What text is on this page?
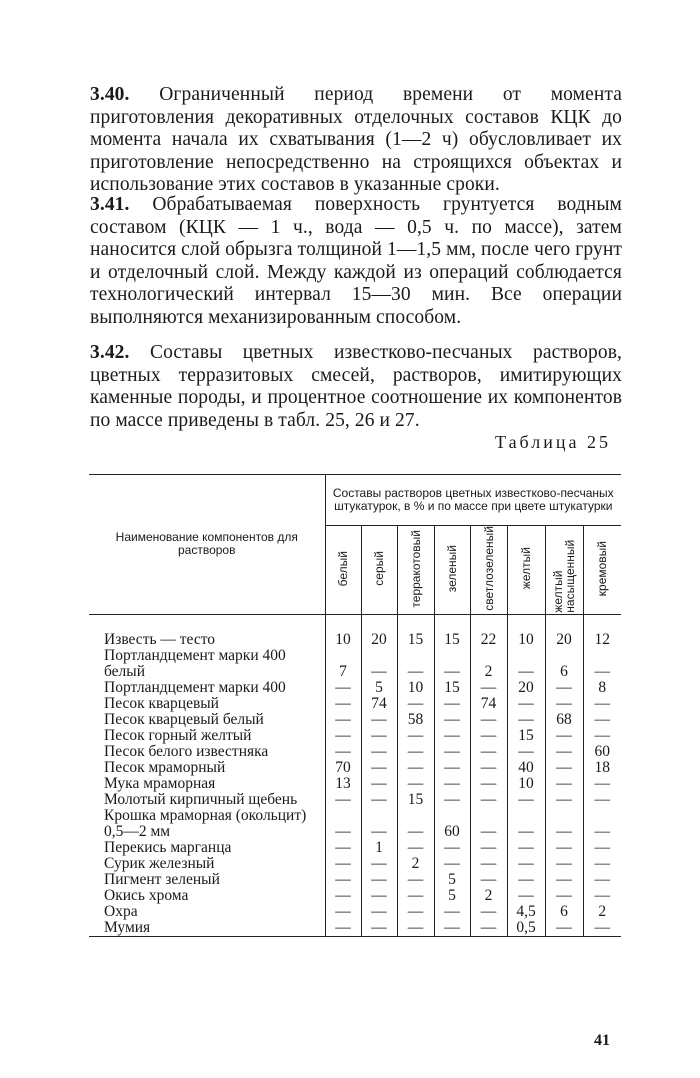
3.40. Ограниченный период времени от момента приготовления декоративных отделочных составов КЦК до момента начала их схватывания (1—2 ч) обусловливает их приготовление непосредственно на строящихся объектах и использование этих составов в указанные сроки.
3.41. Обрабатываемая поверхность грунтуется водным составом (КЦК — 1 ч., вода — 0,5 ч. по массе), затем наносится слой обрызга толщиной 1—1,5 мм, после чего грунт и отделочный слой. Между каждой из операций соблюдается технологический интервал 15—30 мин. Все операции выполняются механизированным способом.
3.42. Составы цветных известково-песчаных растворов, цветных терразитовых смесей, растворов, имитирующих каменные породы, и процентное соотношение их компонентов по массе приведены в табл. 25, 26 и 27.
Таблица 25
Наименование компонентов для растворов	Составы растворов цветных известково-песчаных штукатурок, в % и по массе при цвете штукатурки							
	белый	серый	терракотовый	зеленый	светлозеленый	желтый	желтый насыщенный	кремовый

Известь — тесто	10	20	15	15	22	10	20	12

Портландцемент марки 400 белый	7	—	—	—	2	—	6	—

Портландцемент марки 400	—	5	10	15	—	20	—	8

Песок кварцевый	—	74	—	—	74	—	—	—

Песок кварцевый белый	—	—	58	—	—	—	68	—

Песок горный желтый	—	—	—	—	—	15	—	—

Песок белого известняка	—	—	—	—	—	—	—	60

Песок мраморный	70	—	—	—	—	40	—	18

Мука мраморная	13	—	—	—	—	10	—	—

Молотый кирпичный щебень	—	—	15	—	—	—	—	—

Крошка мраморная (окольцит) 0,5—2 мм	—	—	—	60	—	—	—	—

Перекись марганца	—	1	—	—	—	—	—	—

Сурик железный	—	—	2	—	—	—	—	—

Пигмент зеленый	—	—	—	5	—	—	—	—

Окись хрома	—	—	—	5	2	—	—	—

Охра	—	—	—	—	—	4,5	6	2

Мумия	—	—	—	—	—	0,5	—	—
41
